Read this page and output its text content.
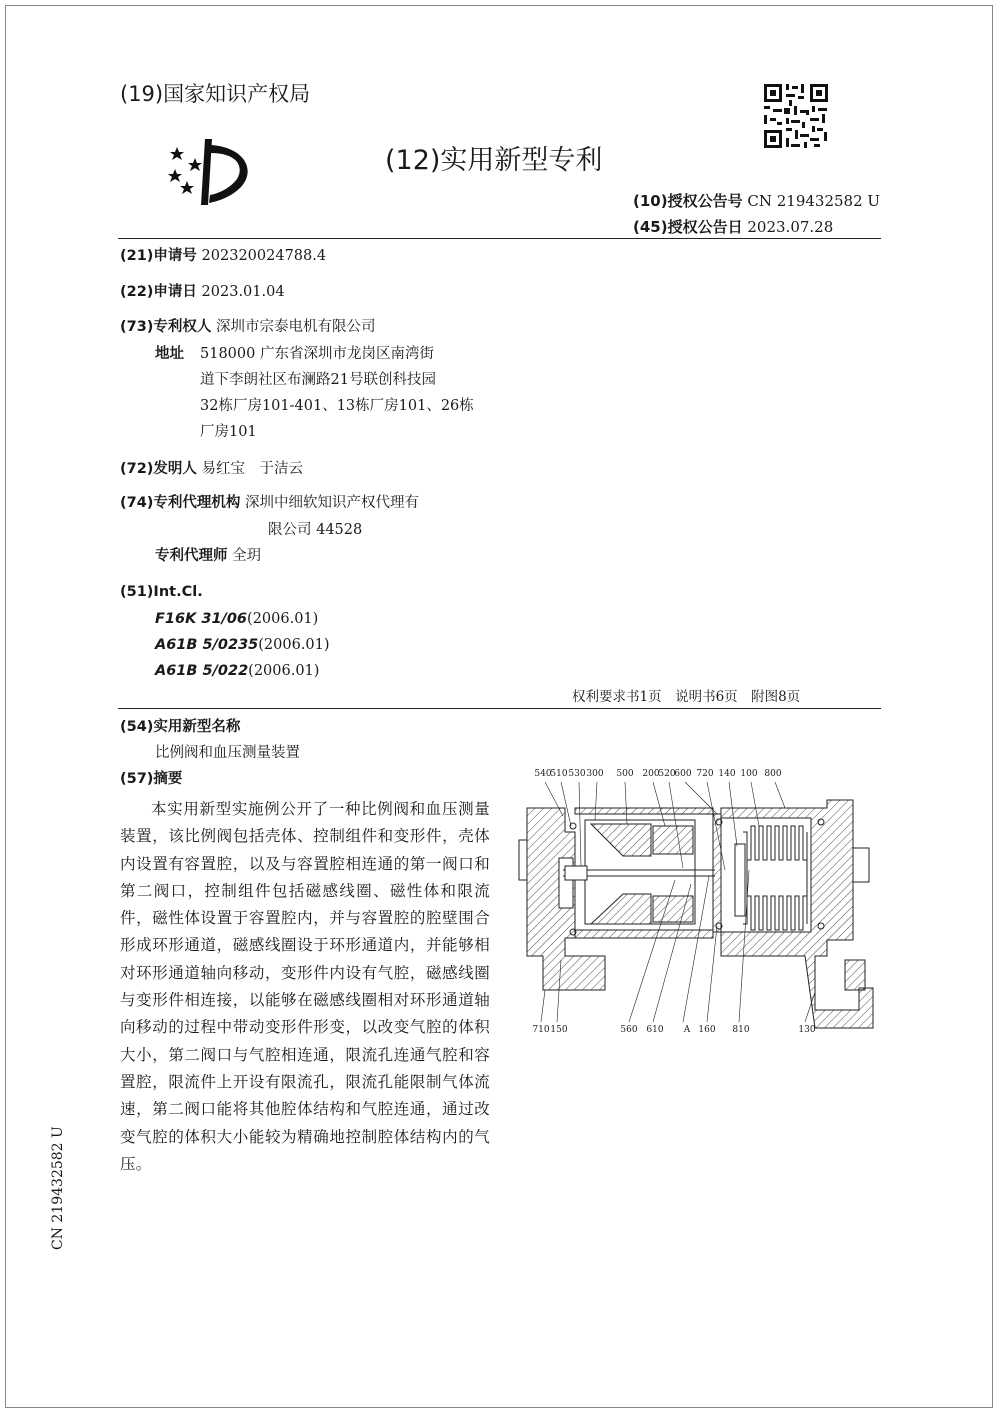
(19)国家知识产权局
(12)实用新型专利
(10)授权公告号 CN 219432582 U
(45)授权公告日 2023.07.28
(21)申请号 202320024788.4
(22)申请日 2023.01.04
(73)专利权人 深圳市宗泰电机有限公司
地址 518000 广东省深圳市龙岗区南湾街
道下李朗社区布澜路21号联创科技园
32栋厂房101-401、13栋厂房101、26栋
厂房101
(72)发明人 易红宝　于洁云
(74)专利代理机构 深圳中细软知识产权代理有
限公司 44528
专利代理师 全玥
(51)Int.Cl.
F16K 31/06(2006.01)
A61B 5/0235(2006.01)
A61B 5/022(2006.01)
权利要求书1页　说明书6页　附图8页
(54)实用新型名称
比例阀和血压测量装置
(57)摘要
本实用新型实施例公开了一种比例阀和血压测量装置，该比例阀包括壳体、控制组件和变形件，壳体内设置有容置腔，以及与容置腔相连通的第一阀口和第二阀口，控制组件包括磁感线圈、磁性体和限流件，磁性体设置于容置腔内，并与容置腔的腔壁围合形成环形通道，磁感线圈设于环形通道内，并能够相对环形通道轴向移动，变形件内设有气腔，磁感线圈与变形件相连接，以能够在磁感线圈相对环形通道轴向移动的过程中带动变形件形变，以改变气腔的体积大小，第二阀口与气腔相连通，限流孔连通气腔和容置腔，限流件上开设有限流孔，限流孔能限制气体流速，第二阀口能将其他腔体结构和气腔连通，通过改变气腔的体积大小能较为精确地控制腔体结构内的气压。
540
510 530 300 500 200
520
600 720 140 100 800
710 150	560 610 A 160 810	130
CN 219432582 U
